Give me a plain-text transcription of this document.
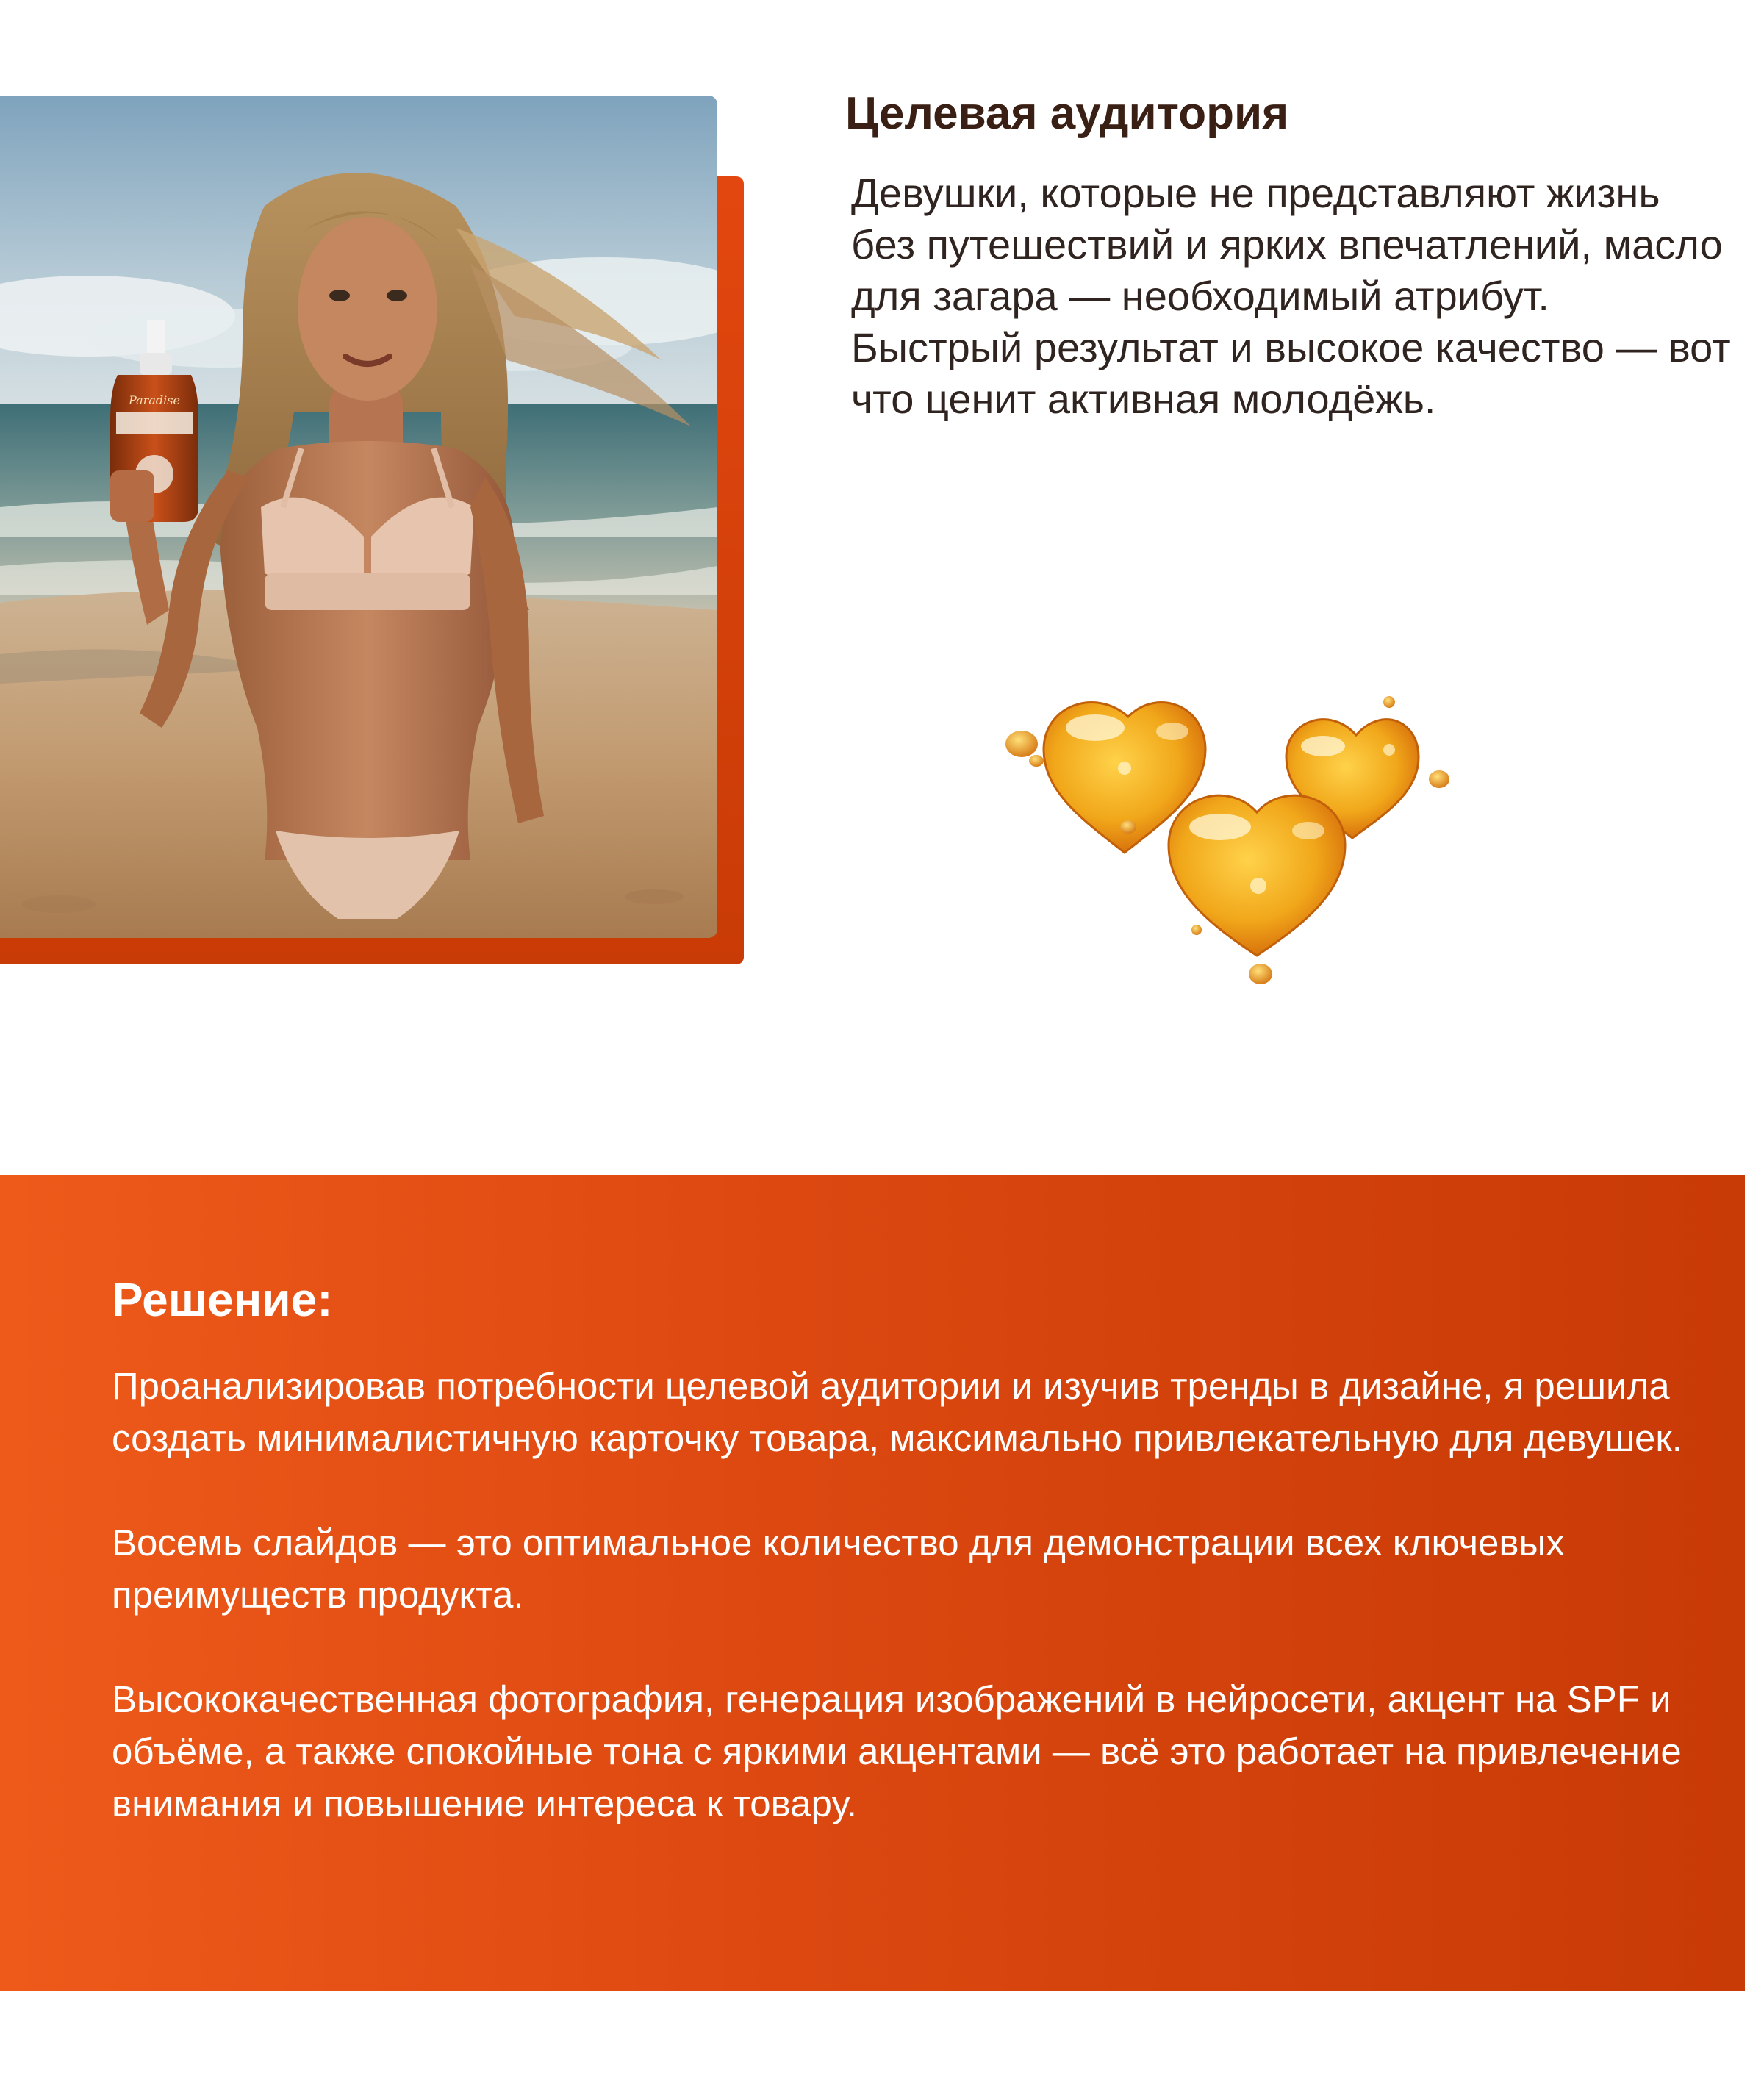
Paradise
Целевая аудитория

Девушки, которые не представляют жизнь без путешествий и ярких впечатлений, масло для загара — необходимый атрибут.

Быстрый результат и высокое качество — вот что ценит активная молодёжь.

Решение:

Проанализировав потребности целевой аудитории и изучив тренды в дизайне, я решила создать минималистичную карточку товара, максимально привлекательную для девушек.

Восемь слайдов — это оптимальное количество для демонстрации всех ключевых преимуществ продукта.

Высококачественная фотография, генерация изображений в нейросети, акцент на SPF и объёме, а также спокойные тона с яркими акцентами — всё это работает на привлечение внимания и повышение интереса к товару.
